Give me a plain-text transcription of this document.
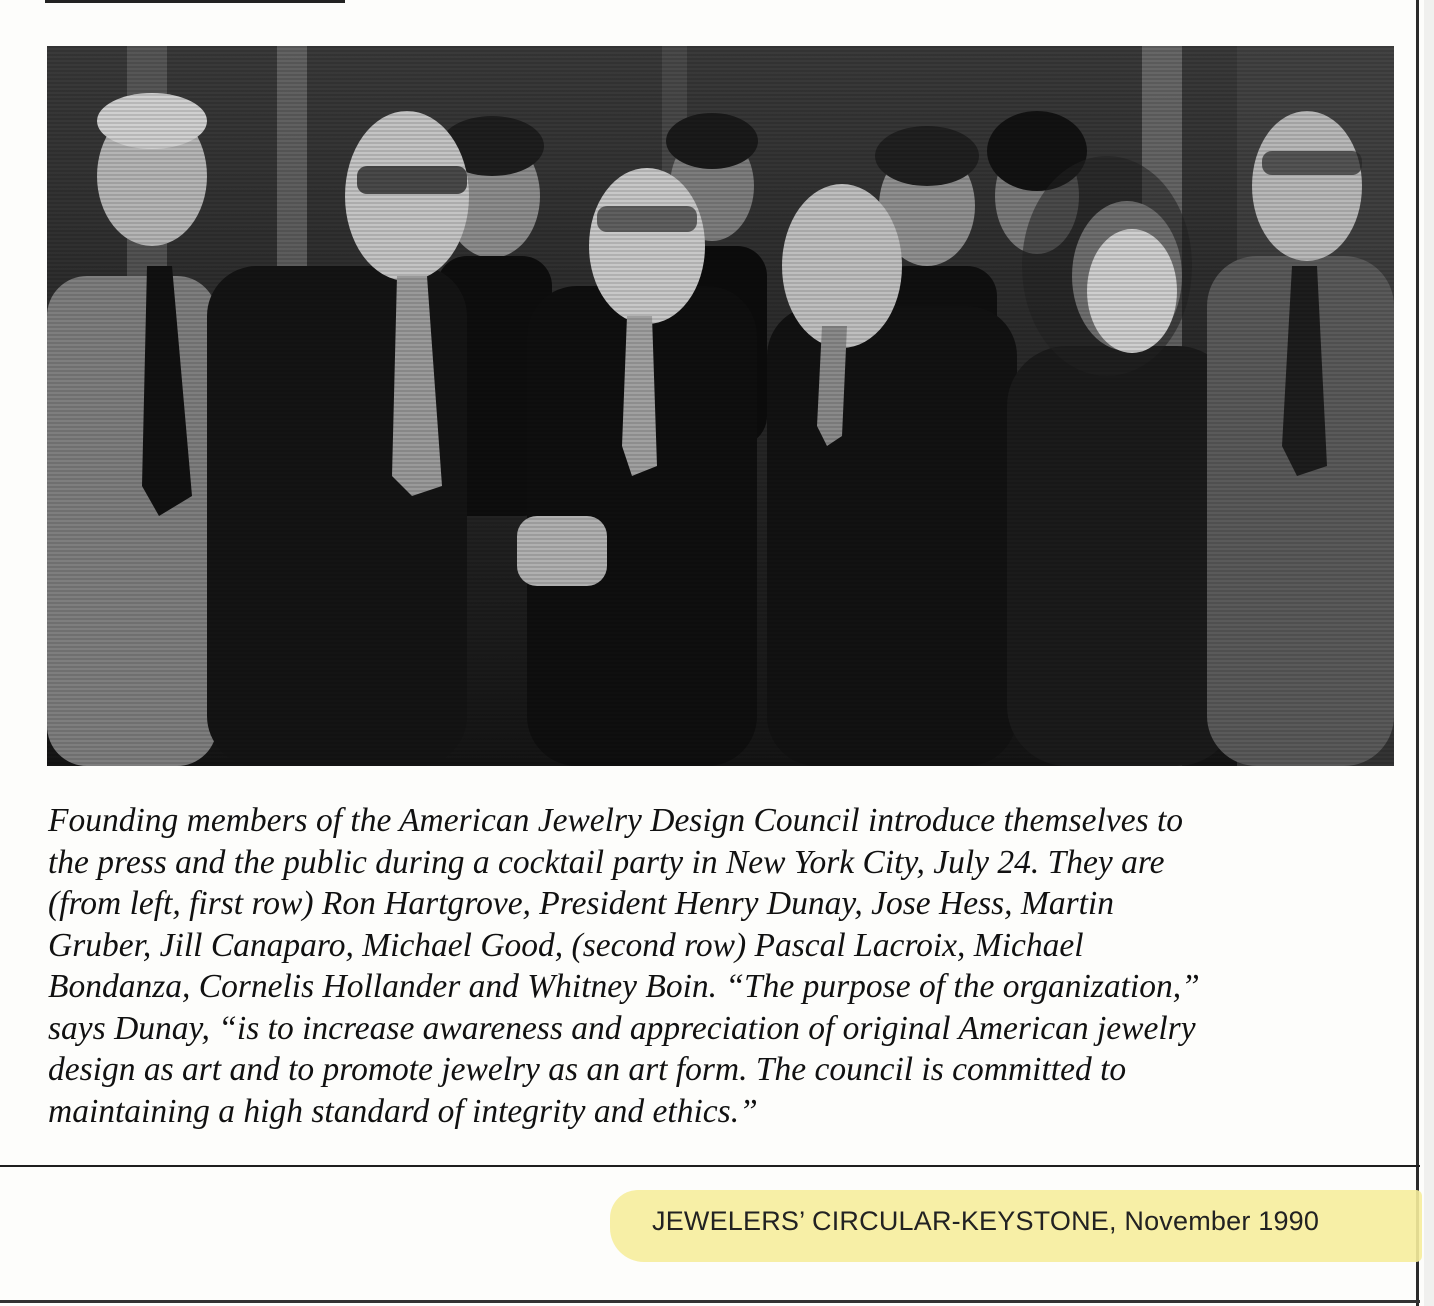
Founding members of the American Jewelry Design Council introduce themselves to
the press and the public during a cocktail party in New York City, July 24. They are
(from left, first row) Ron Hartgrove, President Henry Dunay, Jose Hess, Martin
Gruber, Jill Canaparo, Michael Good, (second row) Pascal Lacroix, Michael
Bondanza, Cornelis Hollander and Whitney Boin. “The purpose of the organization,”
says Dunay, “is to increase awareness and appreciation of original American jewelry
design as art and to promote jewelry as an art form. The council is committed to
maintaining a high standard of integrity and ethics.”

JEWELERS’ CIRCULAR-KEYSTONE, November 1990
